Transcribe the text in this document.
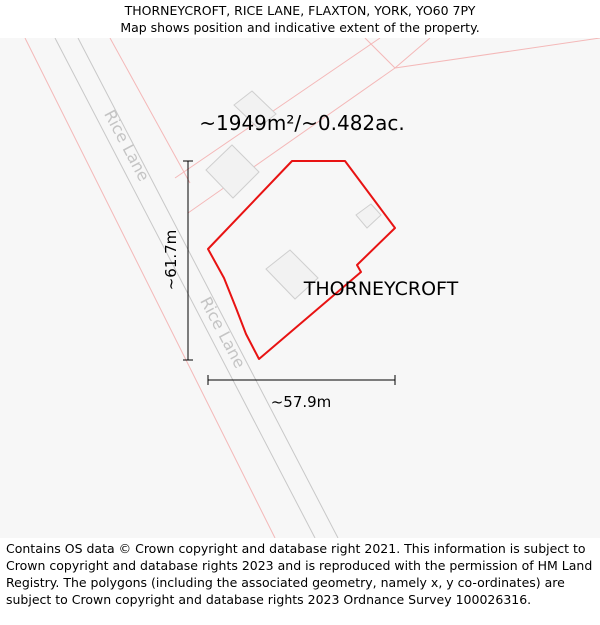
THORNEYCROFT, RICE LANE, FLAXTON, YORK, YO60 7PY
Map shows position and indicative extent of the property.
Rice Lane
Rice Lane
~1949m²/~0.482ac.
THORNEYCROFT
~61.7m
~57.9m
Contains OS data © Crown copyright and database right 2021. This information is subject to Crown copyright and database rights 2023 and is reproduced with the permission of HM Land Registry. The polygons (including the associated geometry, namely x, y co-ordinates) are subject to Crown copyright and database rights 2023 Ordnance Survey 100026316.
